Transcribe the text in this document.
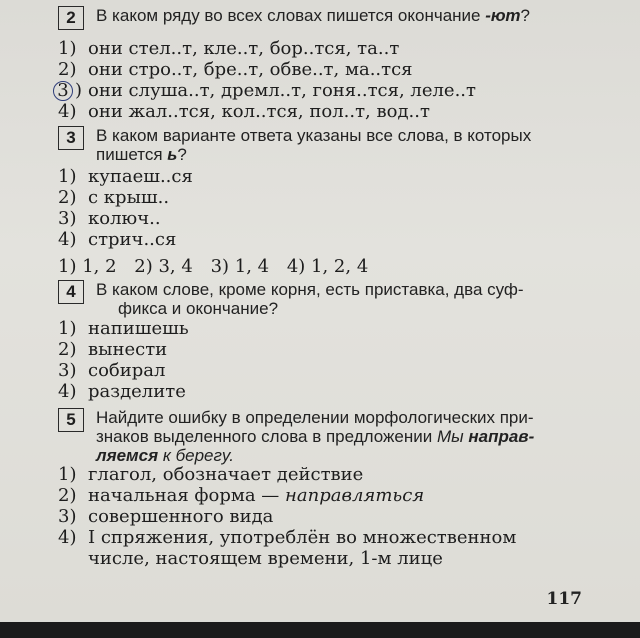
2	В каком ряду во всех словах пишется окончание -ют?
1) они стел..т, кле..т, бор..тся, та..т
2) они стро..т, бре..т, обве..т, ма..тся
3 ) они слуша..т, дремл..т, гоня..тся, леле..т
4) они жал..тся, кол..тся, пол..т, вод..т
3	В каком варианте ответа указаны все слова, в которых
пишется ь?
1) купаеш..ся
2) с крыш..
3) колюч..
4) стрич..ся
1) 1, 2 2) 3, 4 3) 1, 4 4) 1, 2, 4
4	В каком слове, кроме корня, есть приставка, два суф-
фикса и окончание?
1) напишешь
2) вынести
3) собирал
4) разделите
5	Найдите ошибку в определении морфологических при-
знаков выделенного слова в предложении Мы направ-
ляемся к берегу.
1) глагол, обозначает действие
2) начальная форма — направляться
3) совершенного вида
4) I спряжения, употреблён во множественном
числе, настоящем времени, 1-м лице
117
